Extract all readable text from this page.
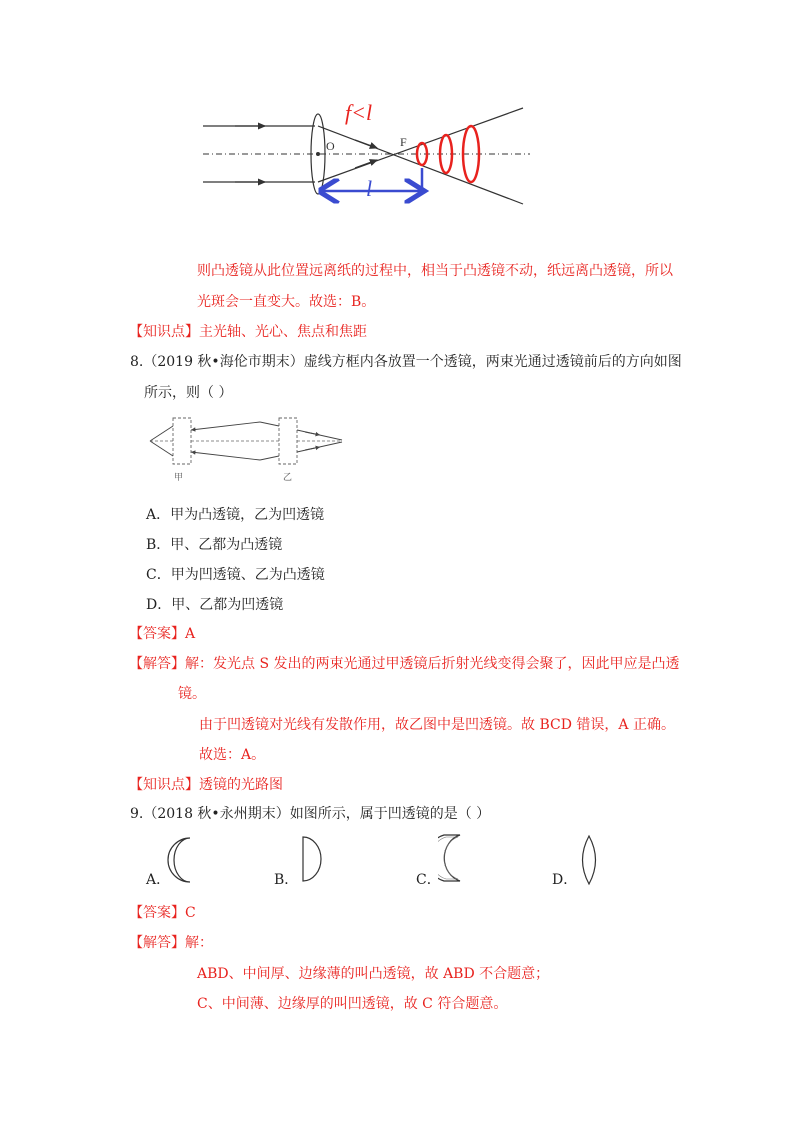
f<l
O	F
l
则凸透镜从此位置远离纸的过程中，相当于凸透镜不动，纸远离凸透镜，所以
光斑会一直变大。故选：B。
【知识点】主光轴、光心、焦点和焦距
8.（2019 秋•海伦市期末）虚线方框内各放置一个透镜，两束光通过透镜前后的方向如图
所示，则（ ）
甲	乙
A．甲为凸透镜，乙为凹透镜
B．甲、乙都为凸透镜
C．甲为凹透镜、乙为凸透镜
D．甲、乙都为凹透镜
【答案】A
【解答】解：发光点 S 发出的两束光通过甲透镜后折射光线变得会聚了，因此甲应是凸透
镜。
由于凹透镜对光线有发散作用，故乙图中是凹透镜。故 BCD 错误，A 正确。
故选：A。
【知识点】透镜的光路图
9.（2018 秋•永州期末）如图所示，属于凹透镜的是（ ）
A．	B．	C．	D．
【答案】C
【解答】解：
ABD、中间厚、边缘薄的叫凸透镜，故 ABD 不合题意；
C、中间薄、边缘厚的叫凹透镜，故 C 符合题意。
